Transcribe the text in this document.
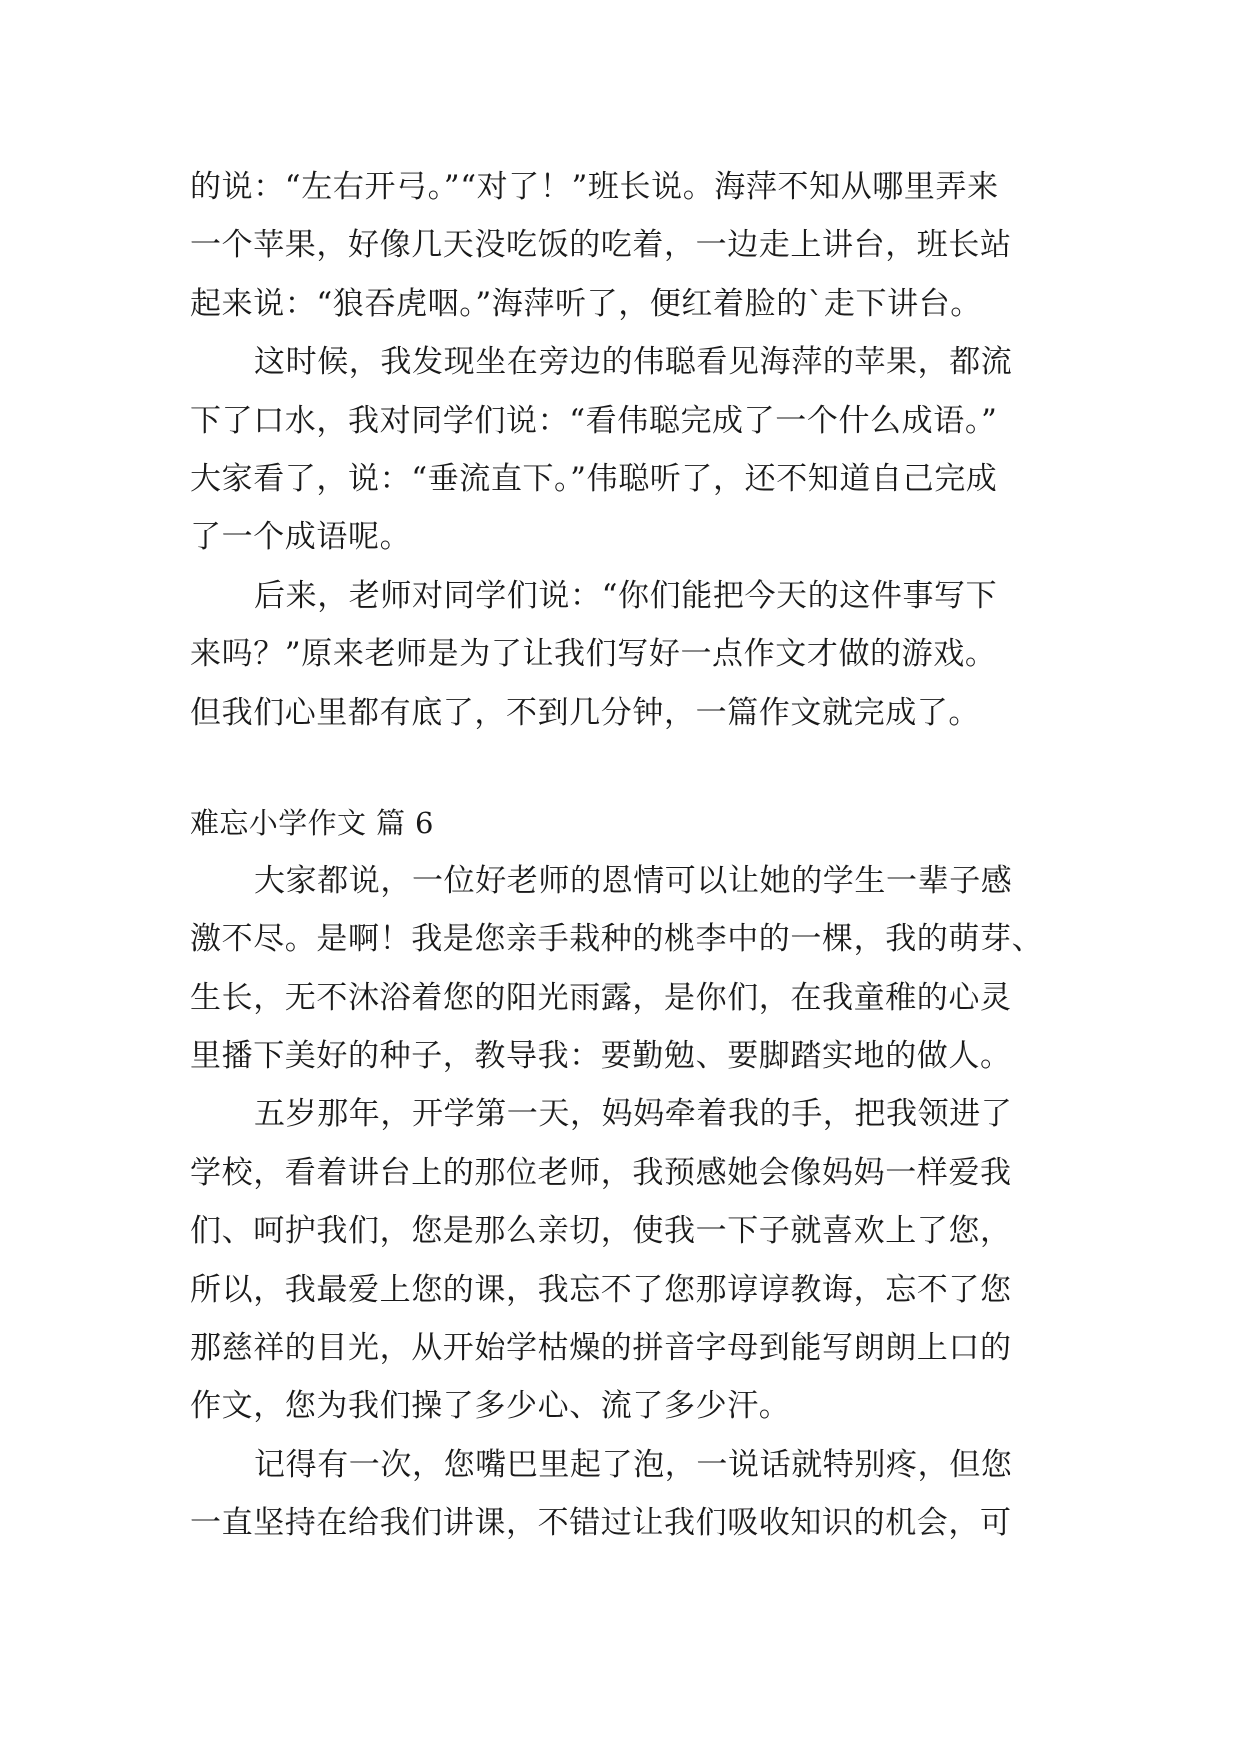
的说：“左右开弓。”“对了！”班长说。海萍不知从哪里弄来
一个苹果，好像几天没吃饭的吃着，一边走上讲台，班长站
起来说：“狼吞虎咽。”海萍听了，便红着脸的`走下讲台。
这时候，我发现坐在旁边的伟聪看见海萍的苹果，都流
下了口水，我对同学们说：“看伟聪完成了一个什么成语。”
大家看了，说：“垂流直下。”伟聪听了，还不知道自己完成
了一个成语呢。
后来，老师对同学们说：“你们能把今天的这件事写下
来吗？”原来老师是为了让我们写好一点作文才做的游戏。
但我们心里都有底了，不到几分钟，一篇作文就完成了。
难忘小学作文 篇 6
大家都说，一位好老师的恩情可以让她的学生一辈子感
激不尽。是啊！我是您亲手栽种的桃李中的一棵，我的萌芽、
生长，无不沐浴着您的阳光雨露，是你们，在我童稚的心灵
里播下美好的种子，教导我：要勤勉、要脚踏实地的做人。
五岁那年，开学第一天，妈妈牵着我的手，把我领进了
学校，看着讲台上的那位老师，我预感她会像妈妈一样爱我
们、呵护我们，您是那么亲切，使我一下子就喜欢上了您，
所以，我最爱上您的课，我忘不了您那谆谆教诲，忘不了您
那慈祥的目光，从开始学枯燥的拼音字母到能写朗朗上口的
作文，您为我们操了多少心、流了多少汗。
记得有一次，您嘴巴里起了泡，一说话就特别疼，但您
一直坚持在给我们讲课，不错过让我们吸收知识的机会，可
